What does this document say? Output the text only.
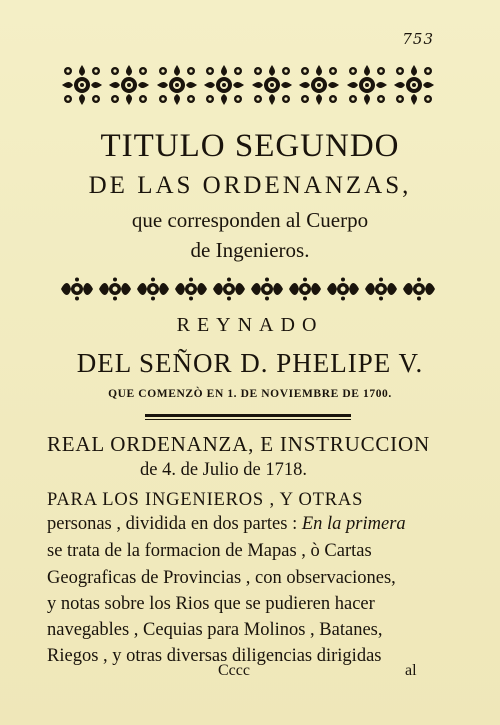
753
TITULO SEGUNDO
DE LAS ORDENANZAS,
que corresponden al Cuerpo
de Ingenieros.
REYNADO
DEL SEÑOR D. PHELIPE V.
QUE COMENZÒ EN 1. DE NOVIEMBRE DE 1700.
REAL ORDENANZA, E INSTRUCCION
de 4. de Julio de 1718.
PARA LOS INGENIEROS , Y OTRAS
personas , dividida en dos partes : En la primera
se trata de la formacion de Mapas , ò Cartas
Geograficas de Provincias , con observaciones,
y notas sobre los Rios que se pudieren hacer
navegables , Cequias para Molinos , Batanes,
Riegos , y otras diversas diligencias dirigidas
Cccc	al
